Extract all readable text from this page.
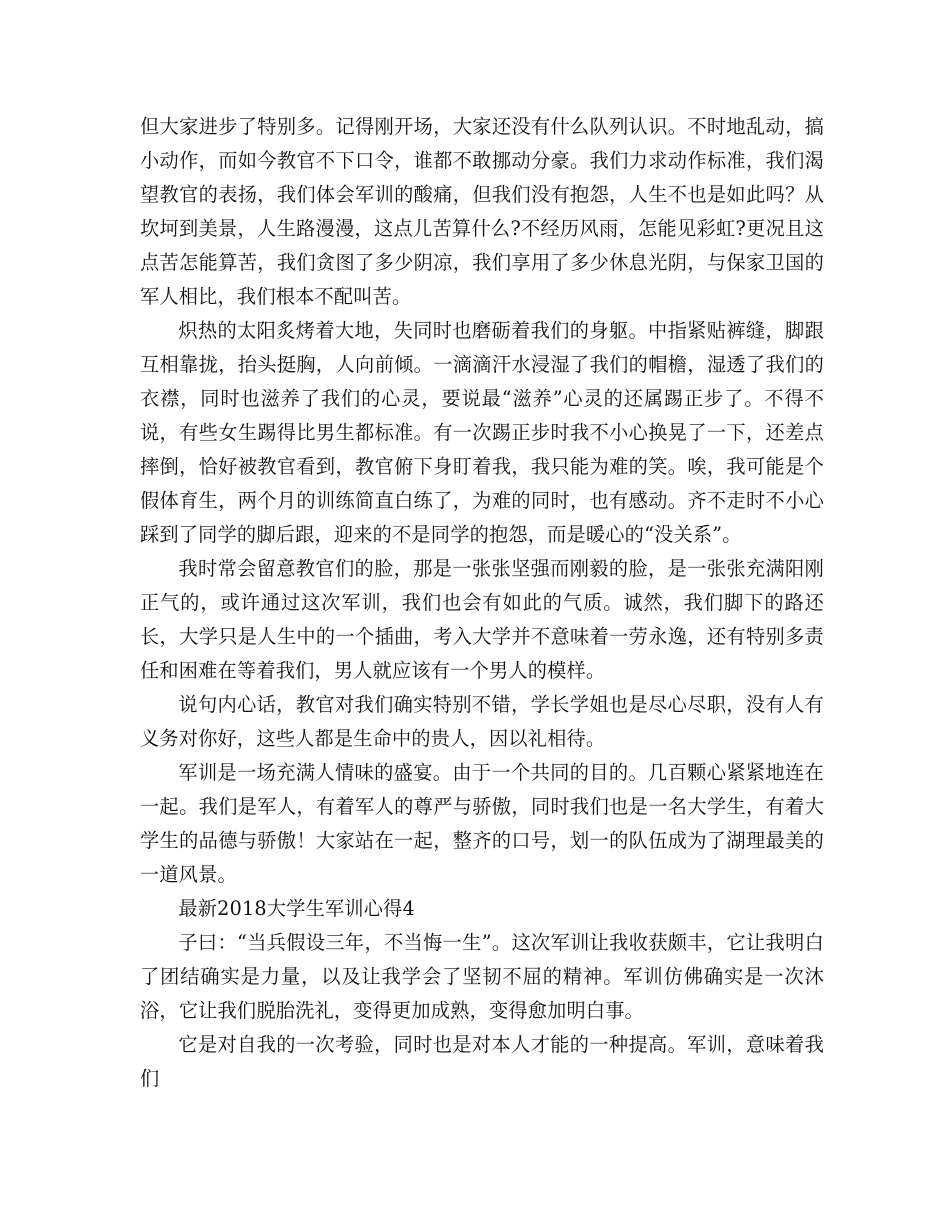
但大家进步了特别多。记得刚开场，大家还没有什么队列认识。不时地乱动，搞小动作，而如今教官不下口令，谁都不敢挪动分豪。我们力求动作标准，我们渴望教官的表扬，我们体会军训的酸痛，但我们没有抱怨，人生不也是如此吗？从坎坷到美景，人生路漫漫，这点儿苦算什么?不经历风雨，怎能见彩虹?更况且这点苦怎能算苦，我们贪图了多少阴凉，我们享用了多少休息光阴，与保家卫国的军人相比，我们根本不配叫苦。

炽热的太阳炙烤着大地，失同时也磨砺着我们的身躯。中指紧贴裤缝，脚跟互相靠拢，抬头挺胸，人向前倾。一滴滴汗水浸湿了我们的帽檐，湿透了我们的衣襟，同时也滋养了我们的心灵，要说最“滋养”心灵的还属踢正步了。不得不说，有些女生踢得比男生都标准。有一次踢正步时我不小心换晃了一下，还差点摔倒，恰好被教官看到，教官俯下身盯着我，我只能为难的笑。唉，我可能是个假体育生，两个月的训练简直白练了，为难的同时，也有感动。齐不走时不小心踩到了同学的脚后跟，迎来的不是同学的抱怨，而是暖心的“没关系”。

我时常会留意教官们的脸，那是一张张坚强而刚毅的脸，是一张张充满阳刚正气的，或许通过这次军训，我们也会有如此的气质。诚然，我们脚下的路还长，大学只是人生中的一个插曲，考入大学并不意味着一劳永逸，还有特别多责任和困难在等着我们，男人就应该有一个男人的模样。

说句内心话，教官对我们确实特别不错，学长学姐也是尽心尽职，没有人有义务对你好，这些人都是生命中的贵人，因以礼相待。

军训是一场充满人情味的盛宴。由于一个共同的目的。几百颗心紧紧地连在一起。我们是军人，有着军人的尊严与骄傲，同时我们也是一名大学生，有着大学生的品德与骄傲！大家站在一起，整齐的口号，划一的队伍成为了湖理最美的一道风景。

最新2018大学生军训心得4

子曰：“当兵假设三年，不当悔一生”。这次军训让我收获颇丰，它让我明白了团结确实是力量，以及让我学会了坚韧不屈的精神。军训仿佛确实是一次沐浴，它让我们脱胎洗礼，变得更加成熟，变得愈加明白事。

它是对自我的一次考验，同时也是对本人才能的一种提高。军训，意味着我们
